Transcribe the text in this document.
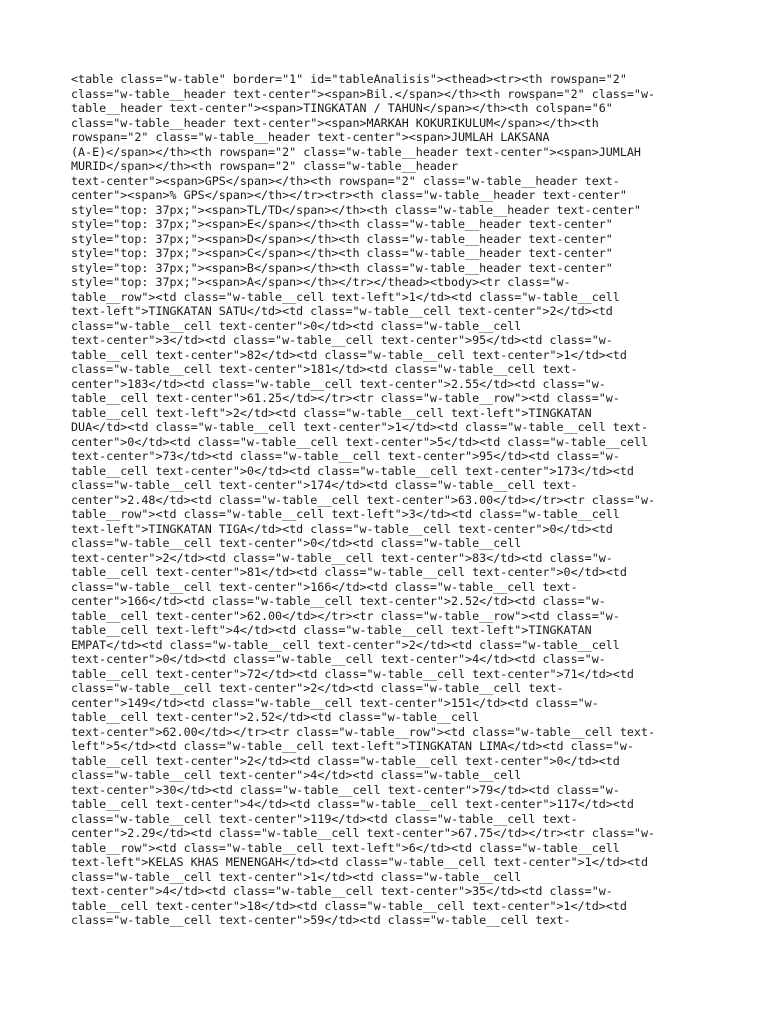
<table class="w-table" border="1" id="tableAnalisis"><thead><tr><th rowspan="2"
class="w-table__header text-center"><span>Bil.</span></th><th rowspan="2" class="w-
table__header text-center"><span>TINGKATAN / TAHUN</span></th><th colspan="6"
class="w-table__header text-center"><span>MARKAH KOKURIKULUM</span></th><th
rowspan="2" class="w-table__header text-center"><span>JUMLAH LAKSANA
(A-E)</span></th><th rowspan="2" class="w-table__header text-center"><span>JUMLAH
MURID</span></th><th rowspan="2" class="w-table__header
text-center"><span>GPS</span></th><th rowspan="2" class="w-table__header text-
center"><span>% GPS</span></th></tr><tr><th class="w-table__header text-center"
style="top: 37px;"><span>TL/TD</span></th><th class="w-table__header text-center"
style="top: 37px;"><span>E</span></th><th class="w-table__header text-center"
style="top: 37px;"><span>D</span></th><th class="w-table__header text-center"
style="top: 37px;"><span>C</span></th><th class="w-table__header text-center"
style="top: 37px;"><span>B</span></th><th class="w-table__header text-center"
style="top: 37px;"><span>A</span></th></tr></thead><tbody><tr class="w-
table__row"><td class="w-table__cell text-left">1</td><td class="w-table__cell
text-left">TINGKATAN SATU</td><td class="w-table__cell text-center">2</td><td
class="w-table__cell text-center">0</td><td class="w-table__cell
text-center">3</td><td class="w-table__cell text-center">95</td><td class="w-
table__cell text-center">82</td><td class="w-table__cell text-center">1</td><td
class="w-table__cell text-center">181</td><td class="w-table__cell text-
center">183</td><td class="w-table__cell text-center">2.55</td><td class="w-
table__cell text-center">61.25</td></tr><tr class="w-table__row"><td class="w-
table__cell text-left">2</td><td class="w-table__cell text-left">TINGKATAN
DUA</td><td class="w-table__cell text-center">1</td><td class="w-table__cell text-
center">0</td><td class="w-table__cell text-center">5</td><td class="w-table__cell
text-center">73</td><td class="w-table__cell text-center">95</td><td class="w-
table__cell text-center">0</td><td class="w-table__cell text-center">173</td><td
class="w-table__cell text-center">174</td><td class="w-table__cell text-
center">2.48</td><td class="w-table__cell text-center">63.00</td></tr><tr class="w-
table__row"><td class="w-table__cell text-left">3</td><td class="w-table__cell
text-left">TINGKATAN TIGA</td><td class="w-table__cell text-center">0</td><td
class="w-table__cell text-center">0</td><td class="w-table__cell
text-center">2</td><td class="w-table__cell text-center">83</td><td class="w-
table__cell text-center">81</td><td class="w-table__cell text-center">0</td><td
class="w-table__cell text-center">166</td><td class="w-table__cell text-
center">166</td><td class="w-table__cell text-center">2.52</td><td class="w-
table__cell text-center">62.00</td></tr><tr class="w-table__row"><td class="w-
table__cell text-left">4</td><td class="w-table__cell text-left">TINGKATAN
EMPAT</td><td class="w-table__cell text-center">2</td><td class="w-table__cell
text-center">0</td><td class="w-table__cell text-center">4</td><td class="w-
table__cell text-center">72</td><td class="w-table__cell text-center">71</td><td
class="w-table__cell text-center">2</td><td class="w-table__cell text-
center">149</td><td class="w-table__cell text-center">151</td><td class="w-
table__cell text-center">2.52</td><td class="w-table__cell
text-center">62.00</td></tr><tr class="w-table__row"><td class="w-table__cell text-
left">5</td><td class="w-table__cell text-left">TINGKATAN LIMA</td><td class="w-
table__cell text-center">2</td><td class="w-table__cell text-center">0</td><td
class="w-table__cell text-center">4</td><td class="w-table__cell
text-center">30</td><td class="w-table__cell text-center">79</td><td class="w-
table__cell text-center">4</td><td class="w-table__cell text-center">117</td><td
class="w-table__cell text-center">119</td><td class="w-table__cell text-
center">2.29</td><td class="w-table__cell text-center">67.75</td></tr><tr class="w-
table__row"><td class="w-table__cell text-left">6</td><td class="w-table__cell
text-left">KELAS KHAS MENENGAH</td><td class="w-table__cell text-center">1</td><td
class="w-table__cell text-center">1</td><td class="w-table__cell
text-center">4</td><td class="w-table__cell text-center">35</td><td class="w-
table__cell text-center">18</td><td class="w-table__cell text-center">1</td><td
class="w-table__cell text-center">59</td><td class="w-table__cell text-
